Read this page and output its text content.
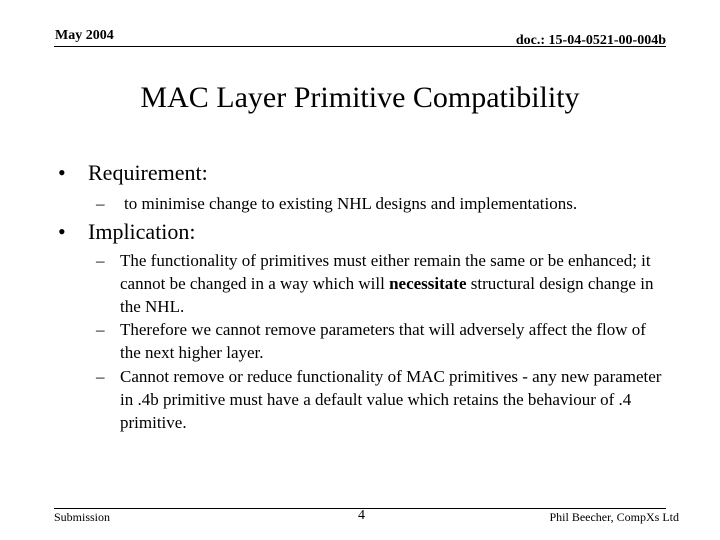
May 2004	doc.: 15-04-0521-00-004b
MAC Layer Primitive Compatibility
• Requirement:
–	to minimise change to existing NHL designs and implementations.
• Implication:
– The functionality of primitives must either remain the same or be enhanced; it cannot be changed in a way which will necessitate structural design change in the NHL.
– Therefore we cannot remove parameters that will adversely affect the flow of the next higher layer.
– Cannot remove or reduce functionality of MAC primitives - any new parameter in .4b primitive must have a default value which retains the behaviour of .4 primitive.
Submission	4	Phil Beecher, CompXs Ltd
